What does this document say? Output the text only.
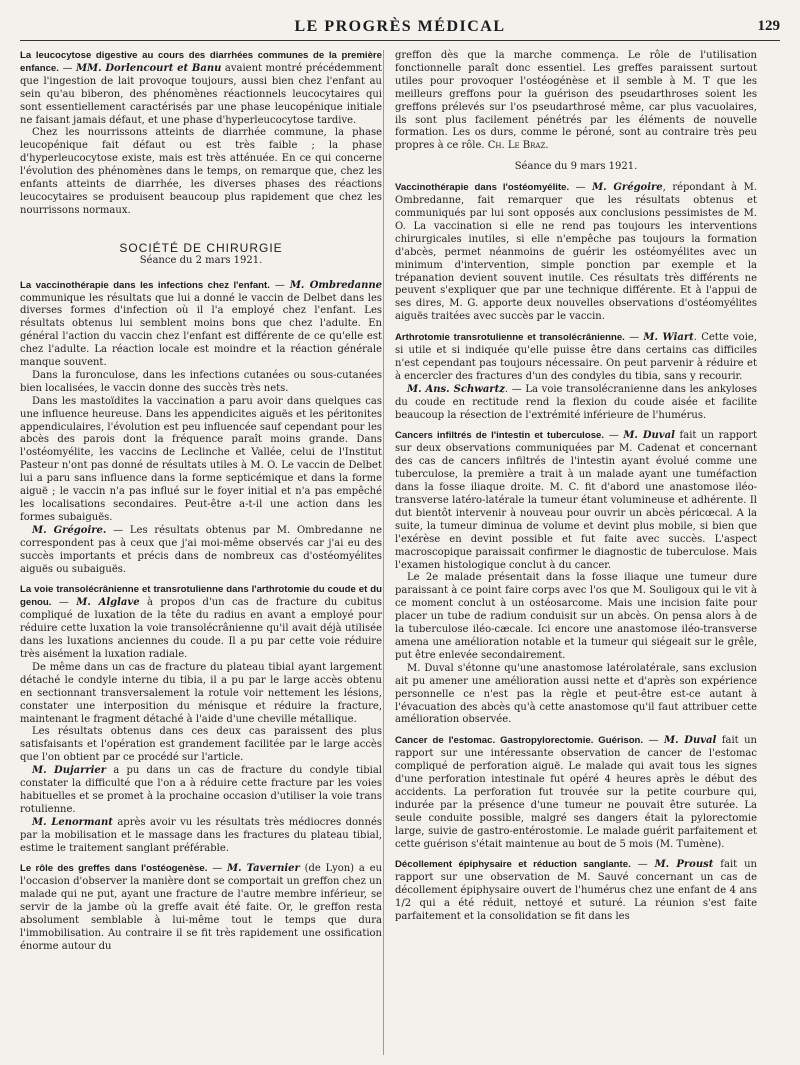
LE PROGRÈS MÉDICAL	129

La leucocytose digestive au cours des diarrhées communes de la première enfance. — MM. Dorlencourt et Banu avaient montré précédemment que l'ingestion de lait provoque toujours, aussi bien chez l'enfant au sein qu'au biberon, des phénomènes réactionnels leucocytaires qui sont essentiellement caractérisés par une phase leucopénique initiale ne faisant jamais défaut, et une phase d'hyperleucocytose tardive.

Chez les nourrissons atteints de diarrhée commune, la phase leucopénique fait défaut ou est très faible ; la phase d'hyperleucocytose existe, mais est très atténuée. En ce qui concerne l'évolution des phénomènes dans le temps, on remarque que, chez les enfants atteints de diarrhée, les diverses phases des réactions leucocytaires se produisent beaucoup plus rapidement que chez les nourrissons normaux.

SOCIÉTÉ DE CHIRURGIE

Séance du 2 mars 1921.

La vaccinothérapie dans les infections chez l'enfant. — M. Ombredanne communique les résultats que lui a donné le vaccin de Delbet dans les diverses formes d'infection où il l'a employé chez l'enfant. Les résultats obtenus lui semblent moins bons que chez l'adulte. En général l'action du vaccin chez l'enfant est différente de ce qu'elle est chez l'adulte. La réaction locale est moindre et la réaction générale manque souvent.

Dans la furonculose, dans les infections cutanées ou sous-cutanées bien localisées, le vaccin donne des succès très nets.

Dans les mastoïdites la vaccination a paru avoir dans quelques cas une influence heureuse. Dans les appendicites aiguës et les péritonites appendiculaires, l'évolution est peu influencée sauf cependant pour les abcès des parois dont la fréquence paraît moins grande. Dans l'ostéomyélite, les vaccins de Leclinche et Vallée, celui de l'Institut Pasteur n'ont pas donné de résultats utiles à M. O. Le vaccin de Delbet lui a paru sans influence dans la forme septicémique et dans la forme aiguë ; le vaccin n'a pas influé sur le foyer initial et n'a pas empêché les localisations secondaires. Peut-être a-t-il une action dans les formes subaiguës.

M. Grégoire. — Les résultats obtenus par M. Ombredanne ne correspondent pas à ceux que j'ai moi-même observés car j'ai eu des succès importants et précis dans de nombreux cas d'ostéomyélites aiguës ou subaiguës.

La voie transolécrânienne et transrotulienne dans l'arthrotomie du coude et du genou. — M. Alglave à propos d'un cas de fracture du cubitus compliqué de luxation de la tête du radius en avant a employé pour réduire cette luxation la voie transolécrânienne qu'il avait déjà utilisée dans les luxations anciennes du coude. Il a pu par cette voie réduire très aisément la luxation radiale.

De même dans un cas de fracture du plateau tibial ayant largement détaché le condyle interne du tibia, il a pu par le large accès obtenu en sectionnant transversalement la rotule voir nettement les lésions, constater une interposition du ménisque et réduire la fracture, maintenant le fragment détaché à l'aide d'une cheville métallique.

Les résultats obtenus dans ces deux cas paraissent des plus satisfaisants et l'opération est grandement facilitée par le large accès que l'on obtient par ce procédé sur l'article.

M. Dujarrier a pu dans un cas de fracture du condyle tibial constater la difficulté que l'on a à réduire cette fracture par les voies habituelles et se promet à la prochaine occasion d'utiliser la voie trans rotulienne.

M. Lenormant après avoir vu les résultats très médiocres donnés par la mobilisation et le massage dans les fractures du plateau tibial, estime le traitement sanglant préférable.

Le rôle des greffes dans l'ostéogenèse. — M. Tavernier (de Lyon) a eu l'occasion d'observer la manière dont se comportait un greffon chez un malade qui ne put, ayant une fracture de l'autre membre inférieur, se servir de la jambe où la greffe avait été faite. Or, le greffon resta absolument semblable à lui-même tout le temps que dura l'immobilisation. Au contraire il se fit très rapidement une ossification énorme autour du

greffon dès que la marche commença. Le rôle de l'utilisation fonctionnelle paraît donc essentiel. Les greffes paraissent surtout utiles pour provoquer l'ostéogénèse et il semble à M. T que les meilleurs greffons pour la guérison des pseudarthroses soient les greffons prélevés sur l'os pseudarthrosé même, car plus vacuolaires, ils sont plus facilement pénétrés par les éléments de nouvelle formation. Les os durs, comme le péroné, sont au contraire très peu propres à ce rôle. Ch. Le Braz.

Séance du 9 mars 1921.

Vaccinothérapie dans l'ostéomyélite. — M. Grégoire, répondant à M. Ombredanne, fait remarquer que les résultats obtenus et communiqués par lui sont opposés aux conclusions pessimistes de M. O. La vaccination si elle ne rend pas toujours les interventions chirurgicales inutiles, si elle n'empêche pas toujours la formation d'abcès, permet néanmoins de guérir les ostéomyélites avec un minimum d'intervention, simple ponction par exemple et la trépanation devient souvent inutile. Ces résultats très différents ne peuvent s'expliquer que par une technique différente. Et à l'appui de ses dires, M. G. apporte deux nouvelles observations d'ostéomyélites aiguës traitées avec succès par le vaccin.

Arthrotomie transrotulienne et transolécrânienne. — M. Wiart. Cette voie, si utile et si indiquée qu'elle puisse être dans certains cas difficiles n'est cependant pas toujours nécessaire. On peut parvenir à réduire et à encercler des fractures d'un des condyles du tibia, sans y recourir.

M. Ans. Schwartz. — La voie transolécranienne dans les ankyloses du coude en rectitude rend la flexion du coude aisée et facilite beaucoup la résection de l'extrémité inférieure de l'humérus.

Cancers infiltrés de l'intestin et tuberculose. — M. Duval fait un rapport sur deux observations communiquées par M. Cadenat et concernant des cas de cancers infiltrés de l'intestin ayant évolué comme une tuberculose, la première a trait à un malade ayant une tuméfaction dans la fosse iliaque droite. M. C. fit d'abord une anastomose iléo-transverse latéro-latérale la tumeur étant volumineuse et adhérente. Il dut bientôt intervenir à nouveau pour ouvrir un abcès péricœcal. A la suite, la tumeur diminua de volume et devint plus mobile, si bien que l'exérèse en devint possible et fut faite avec succès. L'aspect macroscopique paraissait confirmer le diagnostic de tuberculose. Mais l'examen histologique conclut à du cancer.

Le 2e malade présentait dans la fosse iliaque une tumeur dure paraissant à ce point faire corps avec l'os que M. Souligoux qui le vit à ce moment conclut à un ostéosarcome. Mais une incision faite pour placer un tube de radium conduisit sur un abcès. On pensa alors à de la tuberculose iléo-cæcale. Ici encore une anastomose iléo-transverse amena une amélioration notable et la tumeur qui siégeait sur le grêle, put être enlevée secondairement.

M. Duval s'étonne qu'une anastomose latérolatérale, sans exclusion ait pu amener une amélioration aussi nette et d'après son expérience personnelle ce n'est pas la règle et peut-être est-ce autant à l'évacuation des abcès qu'à cette anastomose qu'il faut attribuer cette amélioration observée.

Cancer de l'estomac. Gastropylorectomie. Guérison. — M. Duval fait un rapport sur une intéressante observation de cancer de l'estomac compliqué de perforation aiguë. Le malade qui avait tous les signes d'une perforation intestinale fut opéré 4 heures après le début des accidents. La perforation fut trouvée sur la petite courbure qui, indurée par la présence d'une tumeur ne pouvait être suturée. La seule conduite possible, malgré ses dangers était la pylorectomie large, suivie de gastro-entérostomie. Le malade guérit parfaitement et cette guérison s'était maintenue au bout de 5 mois (M. Tumène).

Décollement épiphysaire et réduction sanglante. — M. Proust fait un rapport sur une observation de M. Sauvé concernant un cas de décollement épiphysaire ouvert de l'humérus chez une enfant de 4 ans 1/2 qui a été réduit, nettoyé et suturé. La réunion s'est faite parfaitement et la consolidation se fit dans les
